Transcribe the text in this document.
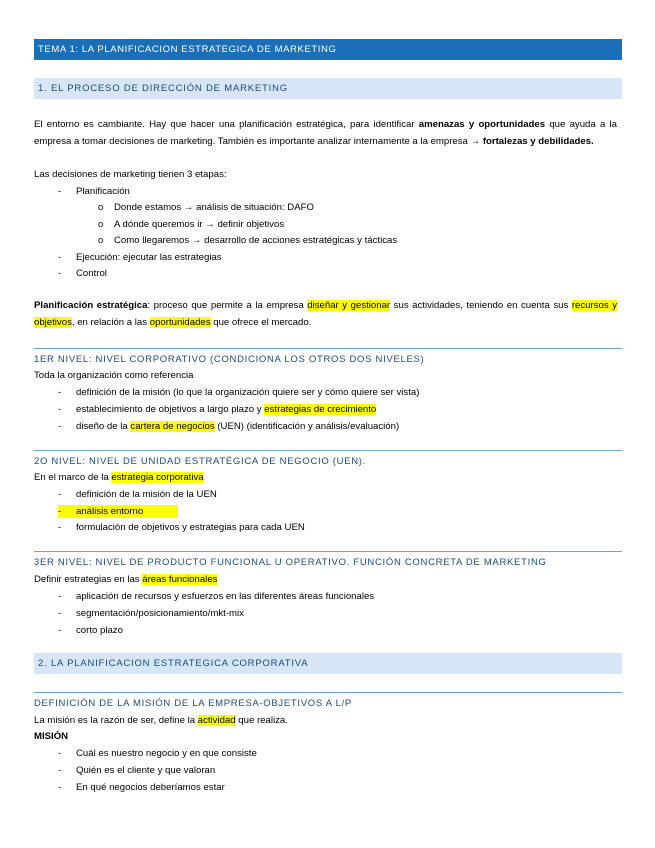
TEMA 1: LA PLANIFICACION ESTRATEGICA DE MARKETING
1. EL PROCESO DE DIRECCIÓN DE MARKETING
El entorno es cambiante. Hay que hacer una planificación estratégica, para identificar amenazas y oportunidades que ayuda a la empresa a tomar decisiones de marketing. También es importante analizar internamente a la empresa → fortalezas y debilidades.
Las decisiones de marketing tienen 3 etapas:
- Planificación
o Donde estamos → análisis de situación: DAFO
o A dónde queremos ir → definir objetivos
o Como llegaremos → desarrollo de acciones estratégicas y tácticas
- Ejecución: ejecutar las estrategias
- Control
Planificación estratégica: proceso que permite a la empresa diseñar y gestionar sus actividades, teniendo en cuenta sus recursos y objetivos, en relación a las oportunidades que ofrece el mercado.
1ER NIVEL: NIVEL CORPORATIVO (CONDICIONA LOS OTROS DOS NIVELES)
Toda la organización como referencia
- definición de la misión (lo que la organización quiere ser y cómo quiere ser vista)
- establecimiento de objetivos a largo plazo y estrategias de crecimiento
- diseño de la cartera de negocios (UEN) (identificación y análisis/evaluación)
2O NIVEL: NIVEL DE UNIDAD ESTRATÉGICA DE NEGOCIO (UEN).
En el marco de la estrategia corporativa
- definición de la misión de la UEN
- análisis entorno
- formulación de objetivos y estrategias para cada UEN
3ER NIVEL: NIVEL DE PRODUCTO FUNCIONAL U OPERATIVO. FUNCIÓN CONCRETA DE MARKETING
Definir estrategias en las áreas funcionales
- aplicación de recursos y esfuerzos en las diferentes áreas funcionales
- segmentación/posicionamiento/mkt-mix
- corto plazo
2. LA PLANIFICACION ESTRATEGICA CORPORATIVA
DEFINICIÓN DE LA MISIÓN DE LA EMPRESA-OBJETIVOS A L/P
La misión es la razón de ser, define la actividad que realiza.
MISIÓN
- Cuál es nuestro negocio y en que consiste
- Quién es el cliente y que valoran
- En qué negocios deberíamos estar
